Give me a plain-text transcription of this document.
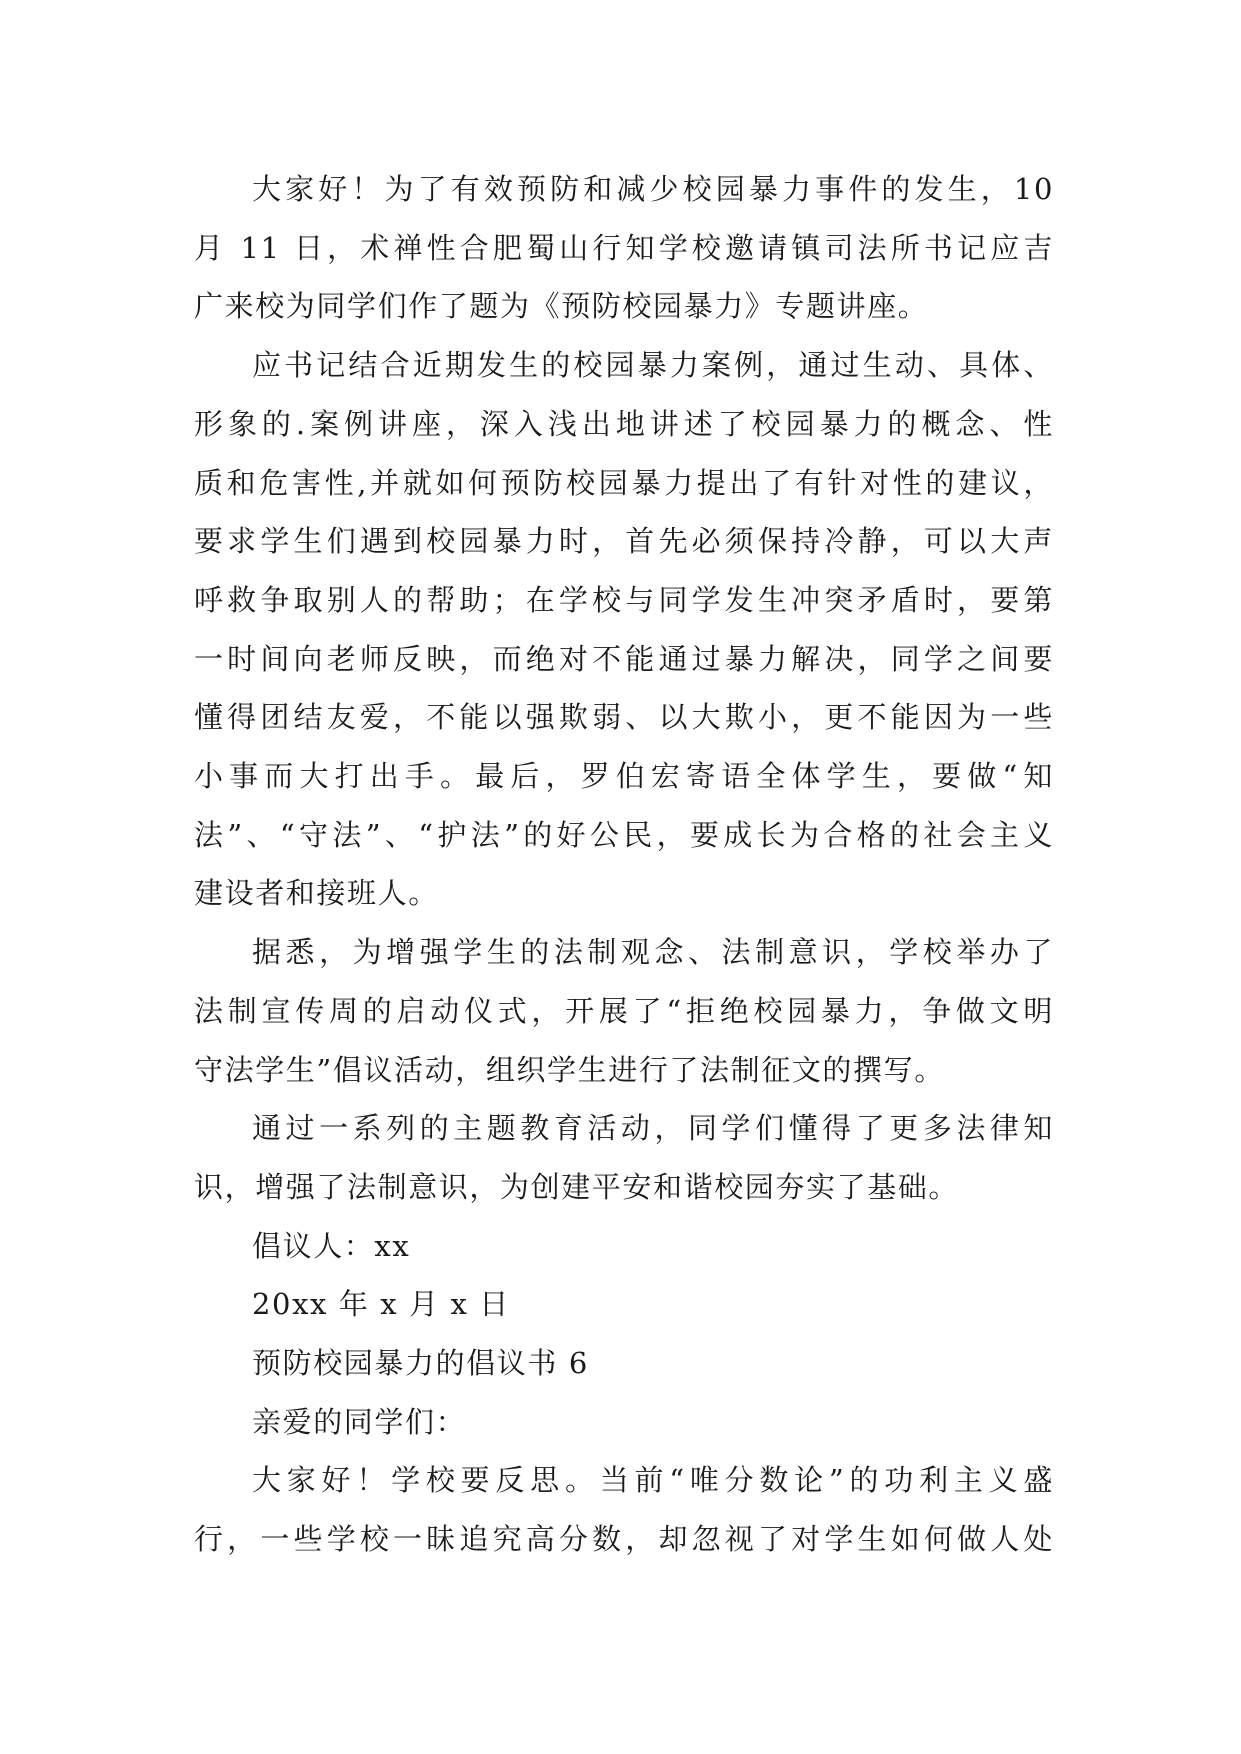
大家好！为了有效预防和减少校园暴力事件的发生，10
月 11 日，术禅性合肥蜀山行知学校邀请镇司法所书记应吉
广来校为同学们作了题为《预防校园暴力》专题讲座。
应书记结合近期发生的校园暴力案例，通过生动、具体、
形象的.案例讲座，深入浅出地讲述了校园暴力的概念、性
质和危害性,并就如何预防校园暴力提出了有针对性的建议，
要求学生们遇到校园暴力时，首先必须保持冷静，可以大声
呼救争取别人的帮助；在学校与同学发生冲突矛盾时，要第
一时间向老师反映，而绝对不能通过暴力解决，同学之间要
懂得团结友爱，不能以强欺弱、以大欺小，更不能因为一些
小事而大打出手。最后，罗伯宏寄语全体学生，要做“知
法”、“守法”、“护法”的好公民，要成长为合格的社会主义
建设者和接班人。
据悉，为增强学生的法制观念、法制意识，学校举办了
法制宣传周的启动仪式，开展了“拒绝校园暴力，争做文明
守法学生”倡议活动，组织学生进行了法制征文的撰写。
通过一系列的主题教育活动，同学们懂得了更多法律知
识，增强了法制意识，为创建平安和谐校园夯实了基础。

倡议人：xx

20xx 年 x 月 x 日

预防校园暴力的倡议书 6

亲爱的同学们：

大家好！学校要反思。当前“唯分数论”的功利主义盛
行，一些学校一昧追究高分数，却忽视了对学生如何做人处
